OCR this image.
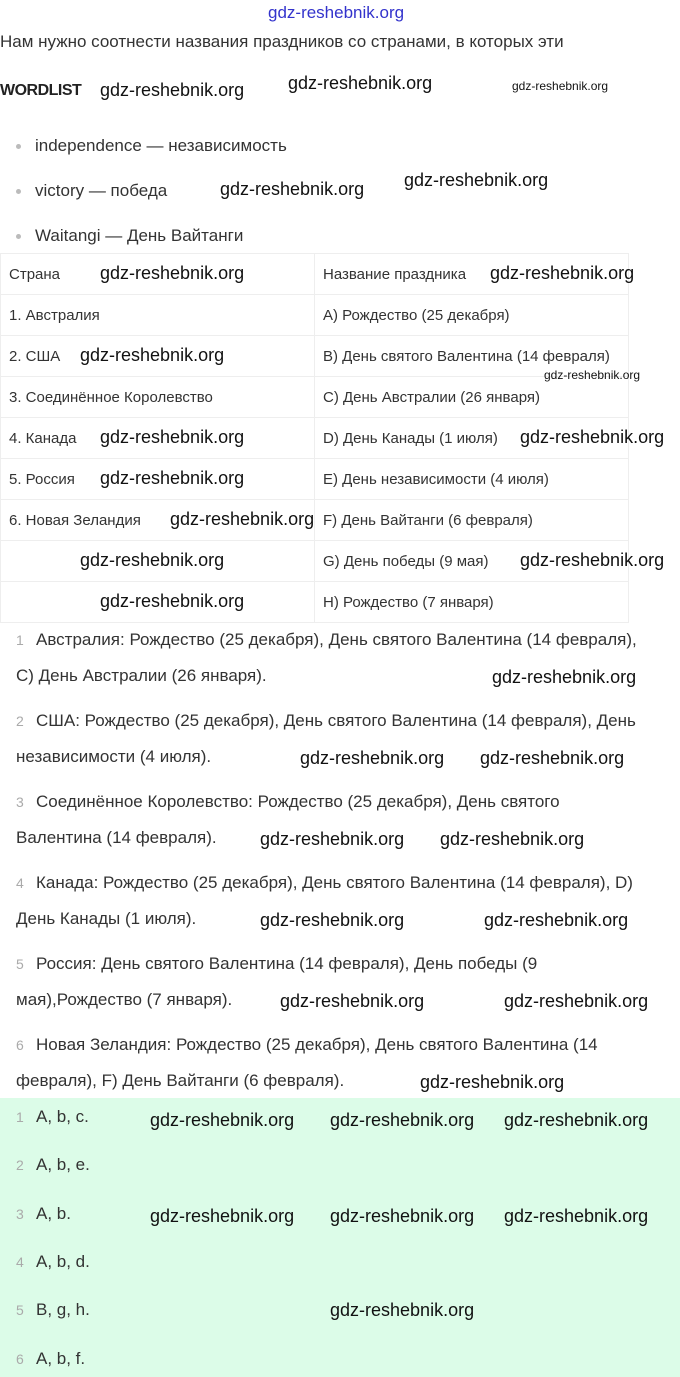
gdz-reshebnik.org
Нам нужно соотнести названия праздников со странами, в которых эти
WORDLIST
independence — независимость
victory — победа
Waitangi — День Вайтанги
Страна	Название праздника
1. Австралия	A) Рождество (25 декабря)
2. США	B) День святого Валентина (14 февраля)
3. Соединённое Королевство	C) День Австралии (26 января)
4. Канада	D) День Канады (1 июля)
5. Россия	E) День независимости (4 июля)
6. Новая Зеландия	F) День Вайтанги (6 февраля)
	G) День победы (9 мая)
	H) Рождество (7 января)
1 Австралия: Рождество (25 декабря), День святого Валентина (14 февраля),
C) День Австралии (26 января).
2 США: Рождество (25 декабря), День святого Валентина (14 февраля), День
независимости (4 июля).
3 Соединённое Королевство: Рождество (25 декабря), День святого
Валентина (14 февраля).
4 Канада: Рождество (25 декабря), День святого Валентина (14 февраля), D)
День Канады (1 июля).
5 Россия: День святого Валентина (14 февраля), День победы (9
мая),Рождество (7 января).
6 Новая Зеландия: Рождество (25 декабря), День святого Валентина (14
февраля), F) День Вайтанги (6 февраля).
1 A, b, c.
2 A, b, e.
3 A, b.
4 A, b, d.
5 B, g, h.
6 A, b, f.
gdz-reshebnik.org gdz-reshebnik.org
gdz-reshebnik.org gdz-reshebnik.org
gdz-reshebnik.org	gdz-reshebnik.org
gdz-reshebnik.org
gdz-reshebnik.org	gdz-reshebnik.org
gdz-reshebnik.org
gdz-reshebnik.org
gdz-reshebnik.org	gdz-reshebnik.org
gdz-reshebnik.org
gdz-reshebnik.org
gdz-reshebnik.org gdz-reshebnik.org
gdz-reshebnik.org gdz-reshebnik.org
gdz-reshebnik.org	gdz-reshebnik.org
gdz-reshebnik.org	gdz-reshebnik.org
gdz-reshebnik.org
gdz-reshebnik.org gdz-reshebnik.org gdz-reshebnik.org
gdz-reshebnik.org gdz-reshebnik.org gdz-reshebnik.org
gdz-reshebnik.org
gdz-reshebnik.org
gdz-reshebnik.org
